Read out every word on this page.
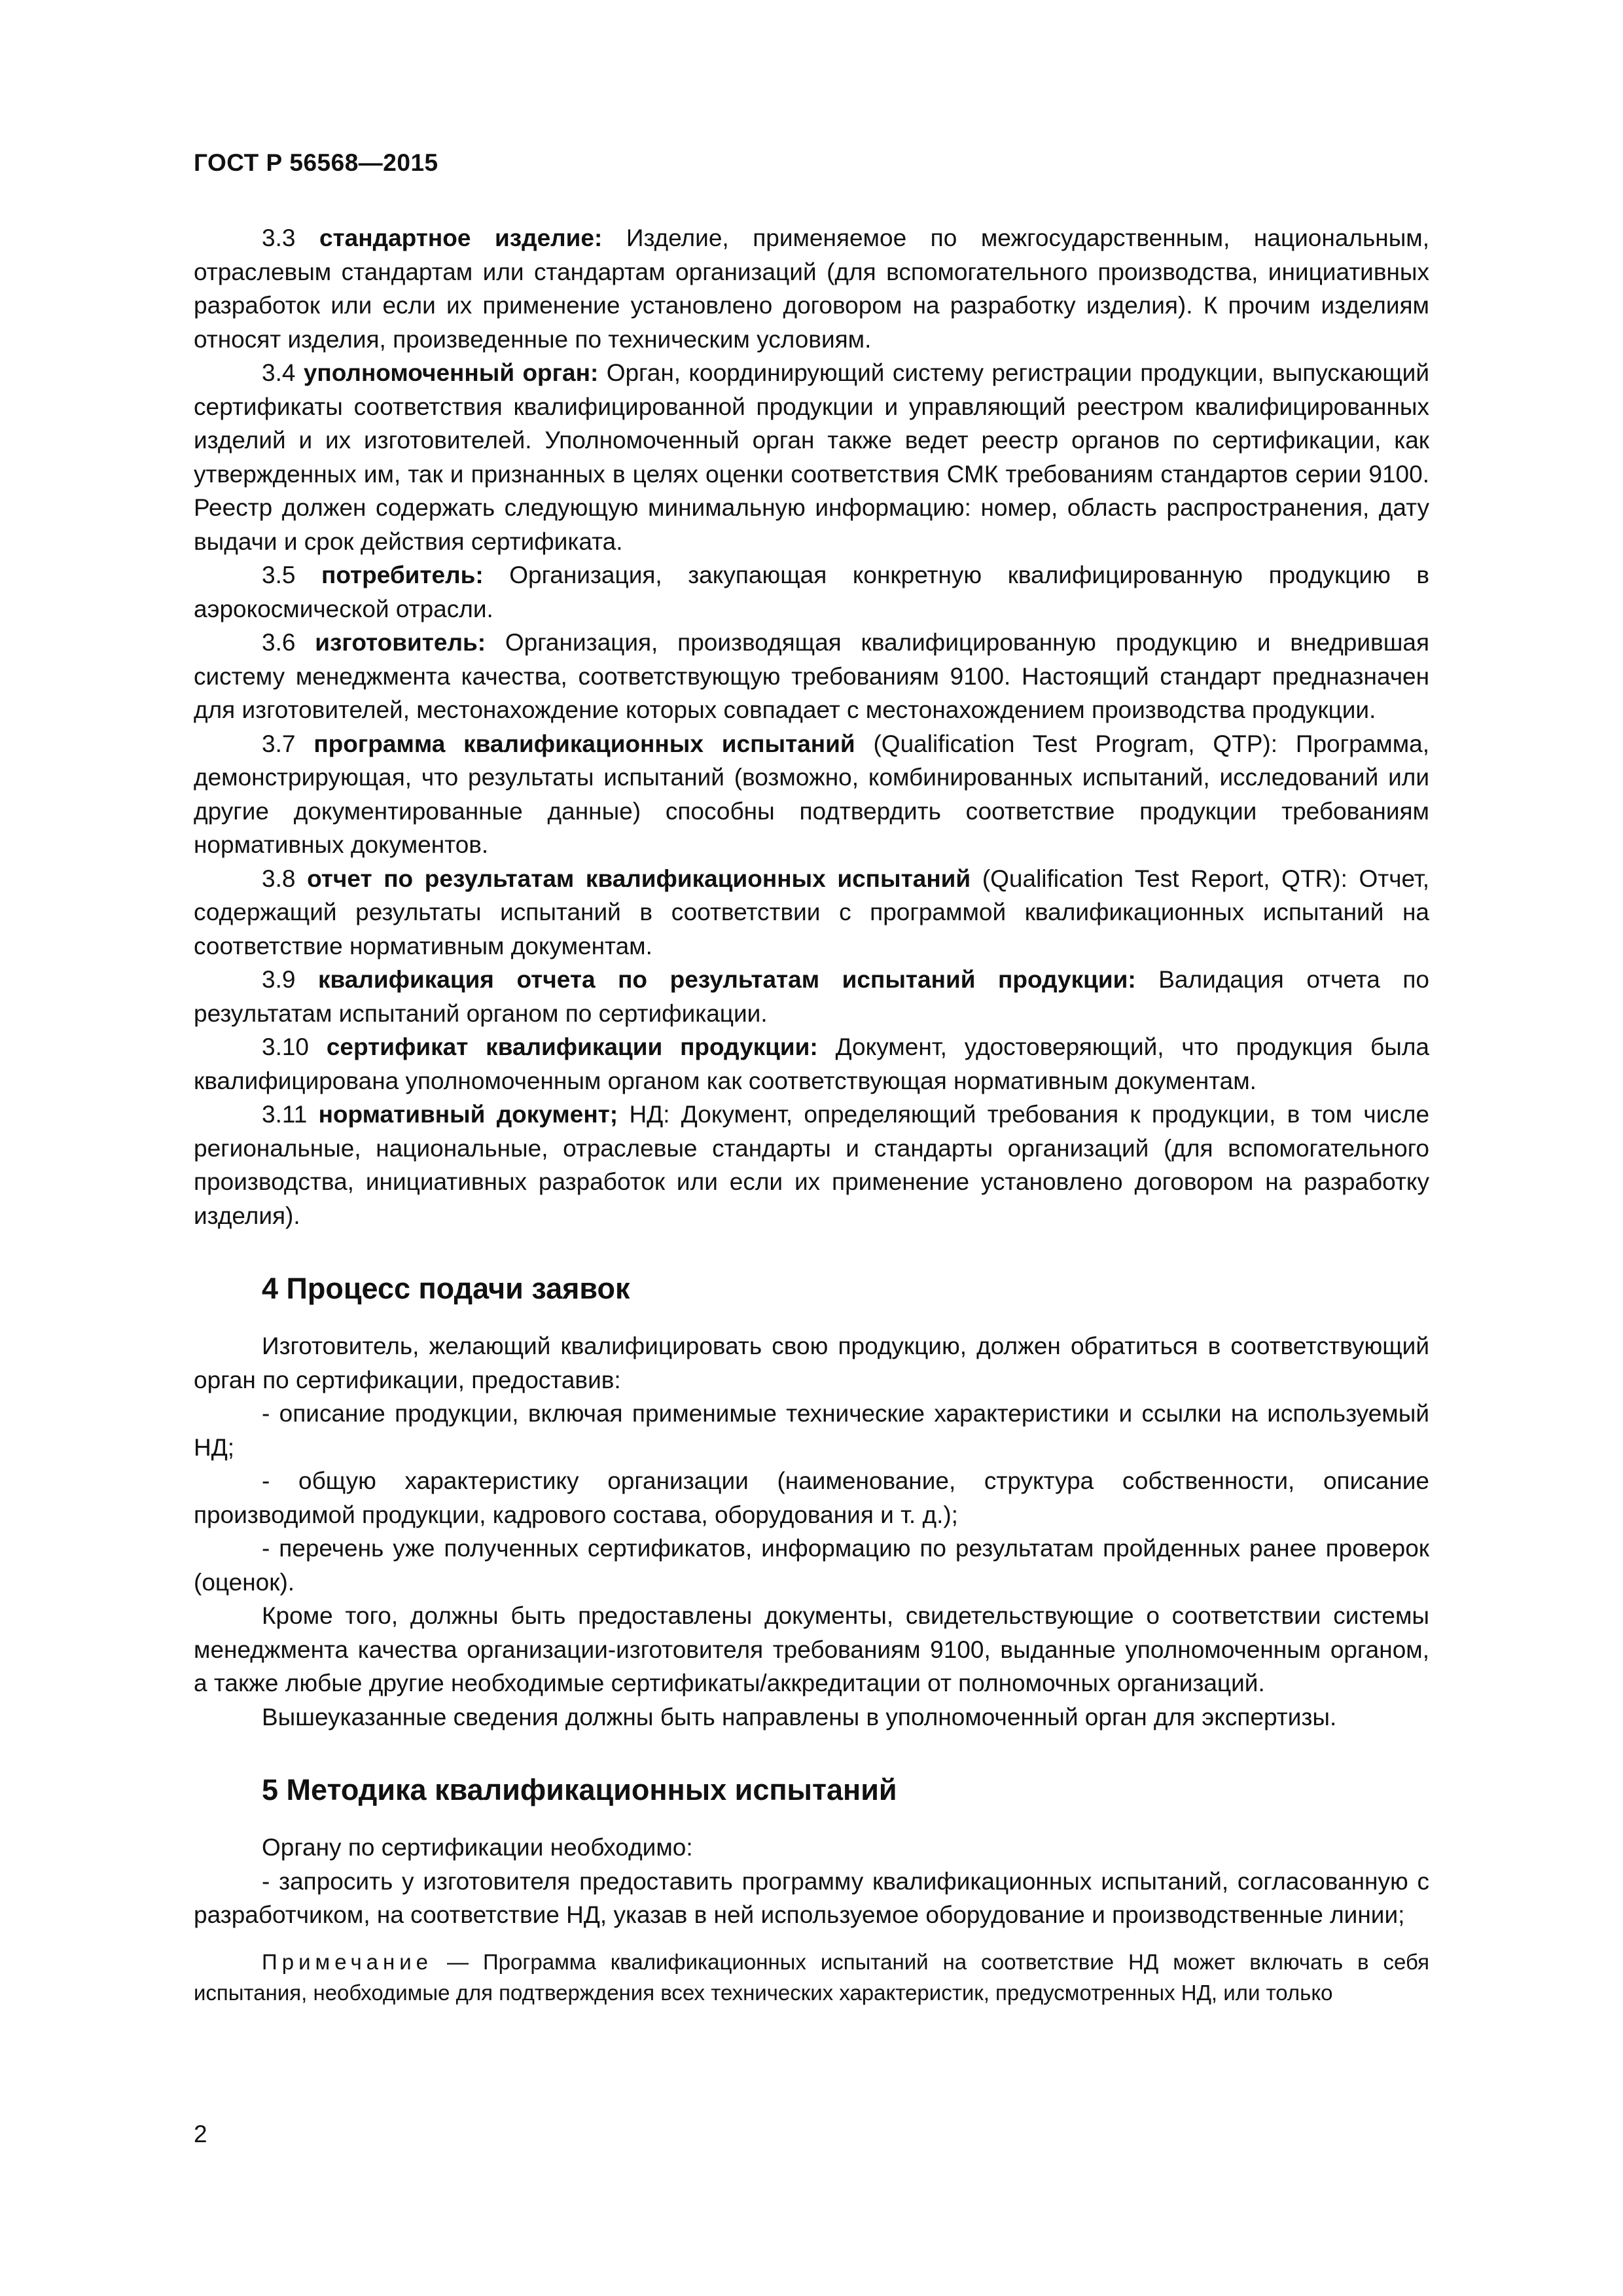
ГОСТ Р 56568—2015

3.3 стандартное изделие: Изделие, применяемое по межгосударственным, национальным, отраслевым стандартам или стандартам организаций (для вспомогательного производства, инициативных разработок или если их применение установлено договором на разработку изделия). К прочим изделиям относят изделия, произведенные по техническим условиям.

3.4 уполномоченный орган: Орган, координирующий систему регистрации продукции, выпускающий сертификаты соответствия квалифицированной продукции и управляющий реестром квалифицированных изделий и их изготовителей. Уполномоченный орган также ведет реестр органов по сертификации, как утвержденных им, так и признанных в целях оценки соответствия СМК требованиям стандартов серии 9100. Реестр должен содержать следующую минимальную информацию: номер, область распространения, дату выдачи и срок действия сертификата.

3.5 потребитель: Организация, закупающая конкретную квалифицированную продукцию в аэрокосмической отрасли.

3.6 изготовитель: Организация, производящая квалифицированную продукцию и внедрившая систему менеджмента качества, соответствующую требованиям 9100. Настоящий стандарт предназначен для изготовителей, местонахождение которых совпадает с местонахождением производства продукции.

3.7 программа квалификационных испытаний (Qualification Test Program, QTP): Программа, демонстрирующая, что результаты испытаний (возможно, комбинированных испытаний, исследований или другие документированные данные) способны подтвердить соответствие продукции требованиям нормативных документов.

3.8 отчет по результатам квалификационных испытаний (Qualification Test Report, QTR): Отчет, содержащий результаты испытаний в соответствии с программой квалификационных испытаний на соответствие нормативным документам.

3.9 квалификация отчета по результатам испытаний продукции: Валидация отчета по результатам испытаний органом по сертификации.

3.10 сертификат квалификации продукции: Документ, удостоверяющий, что продукция была квалифицирована уполномоченным органом как соответствующая нормативным документам.

3.11 нормативный документ; НД: Документ, определяющий требования к продукции, в том числе региональные, национальные, отраслевые стандарты и стандарты организаций (для вспомогательного производства, инициативных разработок или если их применение установлено договором на разработку изделия).

4 Процесс подачи заявок

Изготовитель, желающий квалифицировать свою продукцию, должен обратиться в соответствующий орган по сертификации, предоставив:

- описание продукции, включая применимые технические характеристики и ссылки на используемый НД;

- общую характеристику организации (наименование, структура собственности, описание производимой продукции, кадрового состава, оборудования и т. д.);

- перечень уже полученных сертификатов, информацию по результатам пройденных ранее проверок (оценок).

Кроме того, должны быть предоставлены документы, свидетельствующие о соответствии системы менеджмента качества организации-изготовителя требованиям 9100, выданные уполномоченным органом, а также любые другие необходимые сертификаты/аккредитации от полномочных организаций.

Вышеуказанные сведения должны быть направлены в уполномоченный орган для экспертизы.

5 Методика квалификационных испытаний

Органу по сертификации необходимо:

- запросить у изготовителя предоставить программу квалификационных испытаний, согласованную с разработчиком, на соответствие НД, указав в ней используемое оборудование и производственные линии;

Примечание — Программа квалификационных испытаний на соответствие НД может включать в себя испытания, необходимые для подтверждения всех технических характеристик, предусмотренных НД, или только

2
